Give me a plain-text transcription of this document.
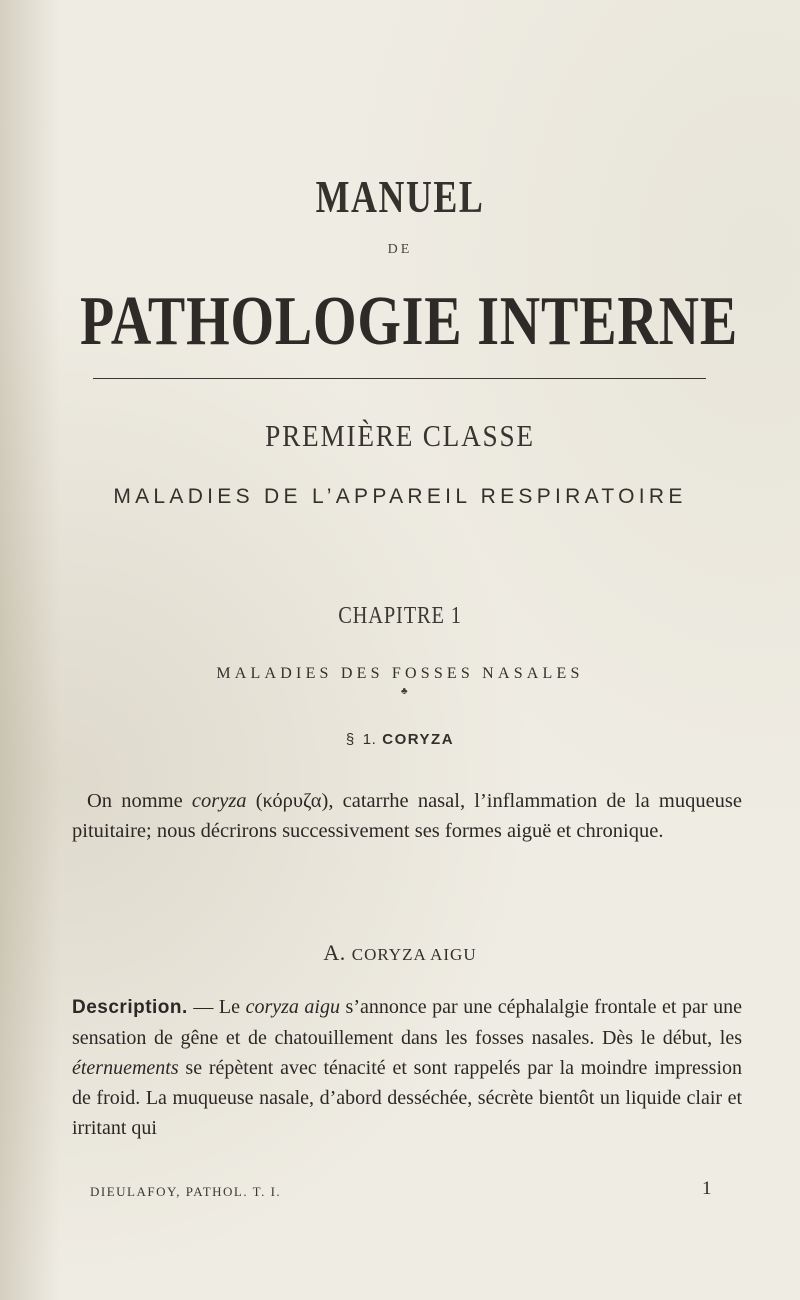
MANUEL
DE
PATHOLOGIE INTERNE
PREMIÈRE CLASSE
MALADIES DE L’APPAREIL RESPIRATOIRE
CHAPITRE 1
MALADIES DES FOSSES NASALES
♣
§ 1. CORYZA
On nomme coryza (κόρυζα), catarrhe nasal, l’inflammation de la muqueuse pituitaire; nous décrirons successivement ses formes aiguë et chronique.
A. CORYZA AIGU
Description. — Le coryza aigu s’annonce par une céphalalgie frontale et par une sensation de gêne et de chatouillement dans les fosses nasales. Dès le début, les éternuements se répètent avec ténacité et sont rappelés par la moindre impression de froid. La muqueuse nasale, d’abord desséchée, sécrète bientôt un liquide clair et irritant qui
DIEULAFOY, PATHOL. T. I.	1
